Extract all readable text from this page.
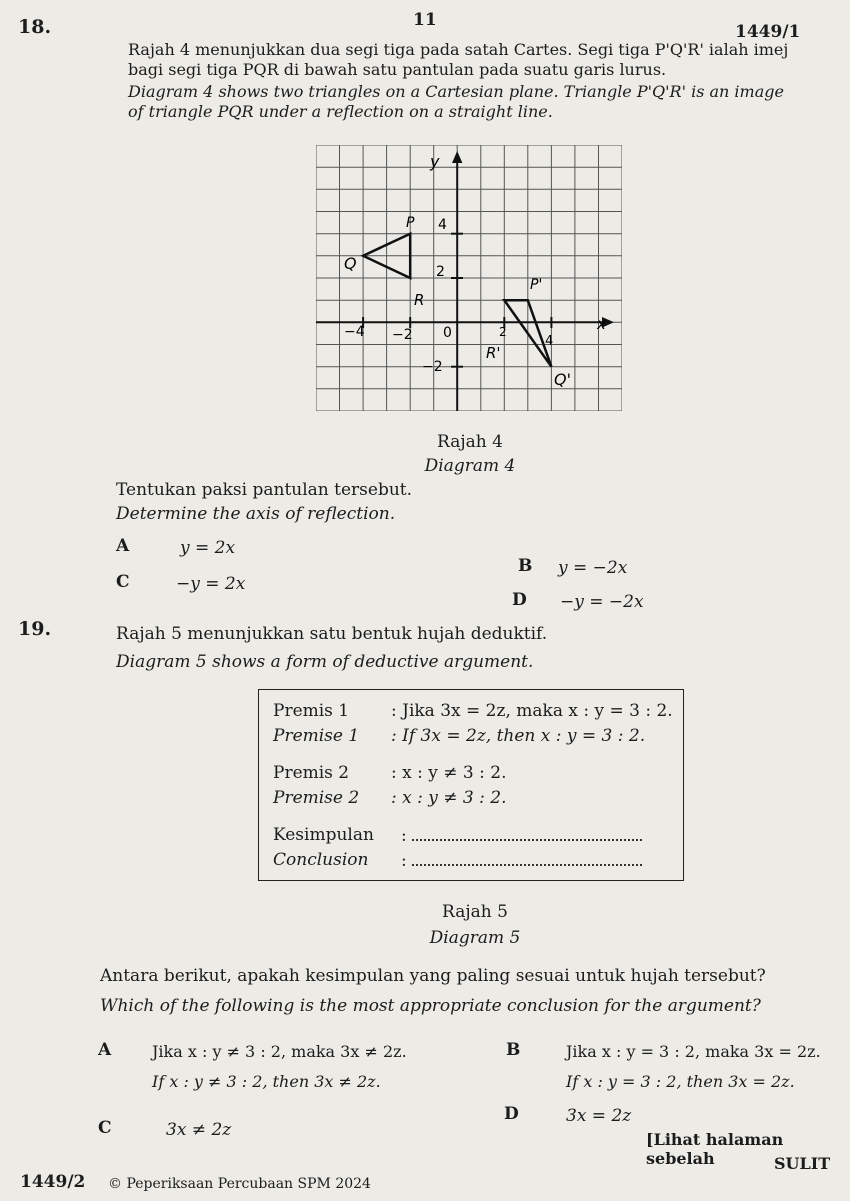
11
1449/1
18.
Rajah 4 menunjukkan dua segi tiga pada satah Cartes. Segi tiga P'Q'R' ialah imej
bagi segi tiga PQR di bawah satu pantulan pada suatu garis lurus.
Diagram 4 shows two triangles on a Cartesian plane. Triangle P'Q'R' is an image
of triangle PQR under a reflection on a straight line.
y
x
4
2
−2
−4 −2 0	2
4
P
Q
R
P'
Q'
R'
Rajah 4
Diagram 4
Tentukan paksi pantulan tersebut.
Determine the axis of reflection.
A	y = 2x
B y = −2x
C	−y = 2x
D −y = −2x
19.	Rajah 5 menunjukkan satu bentuk hujah deduktif.
Diagram 5 shows a form of deductive argument.
Premis 1 : Jika 3x = 2z, maka x : y = 3 : 2.
Premise 1 : If 3x = 2z, then x : y = 3 : 2.
Premis 2 : x : y ≠ 3 : 2.
Premise 2 : x : y ≠ 3 : 2.
Kesimpulan :
Conclusion :
Rajah 5
Diagram 5
Antara berikut, apakah kesimpulan yang paling sesuai untuk hujah tersebut?
Which of the following is the most appropriate conclusion for the argument?
A	Jika x : y ≠ 3 : 2, maka 3x ≠ 2z.
If x : y ≠ 3 : 2, then 3x ≠ 2z.
B	Jika x : y = 3 : 2, maka 3x = 2z.
If x : y = 3 : 2, then 3x = 2z.
C	3x ≠ 2z
D	3x = 2z
[Lihat halaman sebelah	SULIT
1449/2 © Peperiksaan Percubaan SPM 2024
